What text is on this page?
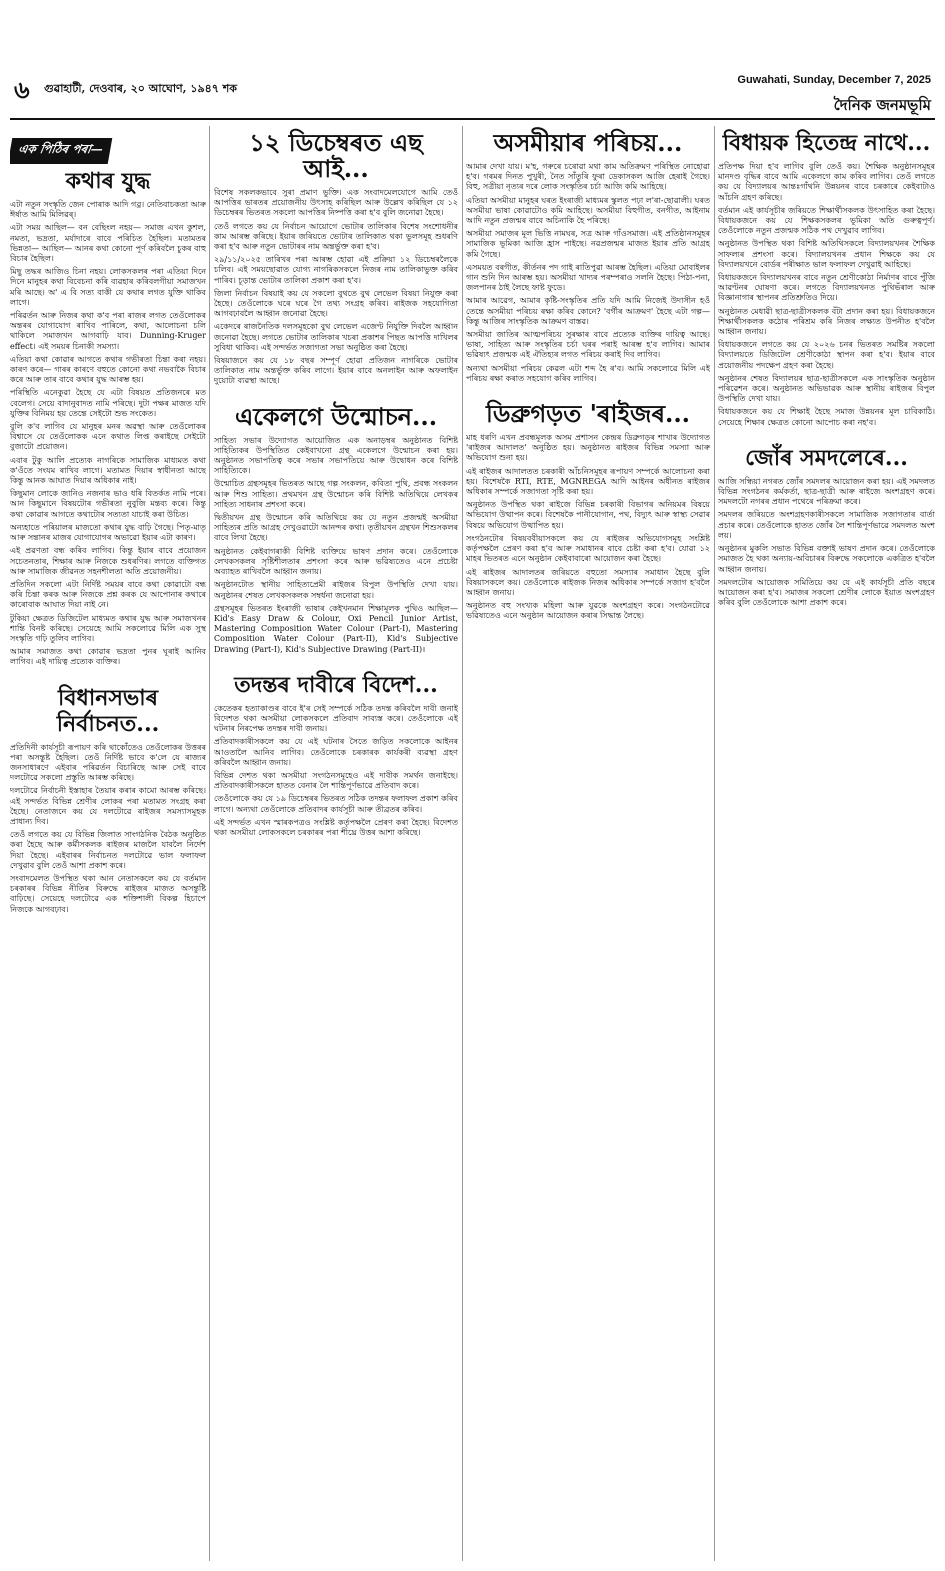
৬ গুৱাহাটী, দেওবাৰ, ২০ আঘোণ, ১৯৪৭ শক
Guwahati, Sunday, December 7, 2025
দৈনিক জনমভূমি
এক পিঠিৰ পৰা—
কথাৰ যুদ্ধ

এটা নতুন সংস্কৃতি জেন পোৰাক আদি গৱ্ৰ। নেতিবাচকতা আৰু ঈৰ্ষাত আমি মিলিৱৰ্।

এটা সময় আছিল— বন বেছিংল নহয়— সমাজ এখন কুশল, নমতা, ভদ্ৰতা, মৰ্যাদাৰে বাবে পৰিচিত হৈছিল। মতামতৰ ভিন্নতা— আছিল— আনৰ কথা কোনো পূৰ্ণ কৰিবলৈ চুকৰ বাহু বিচাৰ হৈছিল।

মিছু তদ্ধৰ আজিও চিনা নহয়। লোকসকলৰ পৰা এতিয়া দিনে দিনে মানুহৰ কথা বিবেচনা কৰি ব্যৱহাৰ কৰিবলগীয়া সমাজখন মৰি আছে। অ' এ বি সত্য বাকী যে কথাৰ লগত যুক্তি থাকিব লাগে।

পৰিৱৰ্তন আৰু নিজৰ কথা ক'ব পৰা ৰাজৰ লগত তেওঁলোকৰ অন্তৰৰ যোগাযোগ ৰাখিব পাৰিলে, কথা, আলোচনা চলি থাকিলে সমাজখন আগবাঢ়ি যাব। Dunning-Kruger effect। এই সময়ৰ চিনাকী সমস্যা।

এতিয়া কথা কোৱাৰ আগতে কথাৰ গভীৰতা চিন্তা কৰা নহয়। কাৰণ কৰে— গাৰৰ কাৰণে বহুতে কোনো কথা নভবাকৈ বিচাৰ কৰে আৰু তাৰ বাবে কথাৰ যুদ্ধ আৰম্ভ হয়।

পৰিস্থিতি এনেকুৱা হৈছে যে এটা বিষয়ত প্ৰতিজনৰে মত বেলেগ। সেয়ে বাদানুবাদত নামি পৰিছে। দুটা পক্ষৰ মাজত যদি যুক্তিৰ বিনিময় হয় তেন্তে সেইটো শুভ সংকেত।

বুলি ক'ব লাগিব যে মানুহৰ মনৰ অৱস্থা আৰু তেওঁলোকৰ বিশ্বাসে যে তেওঁলোকক এনে কথাত লিপ্ত কৰাইছে সেইটো বুজাটো প্ৰয়োজন।

এবাৰ টুকু আলি প্ৰত্যেক নাগৰিকে সামাজিক মাধ্যমত কথা ক'ওঁতে সংযম ৰাখিব লাগে। মতামত দিয়াৰ স্বাধীনতা আছে কিন্তু আনক আঘাত দিয়াৰ অধিকাৰ নাই।

কিছুমান লোকে জানিও নজনাৰ ভাও ধৰি বিতৰ্কত নামি পৰে। আন কিছুমানে বিষয়টোৰ গভীৰতা নুবুজি মন্তব্য কৰে। কিন্তু কথা কোৱাৰ আগতে কথাটোৰ সত্যতা যাচাই কৰা উচিত।

অন্যহাতে পৰিয়ালৰ মাজতো কথাৰ যুদ্ধ বাঢ়ি গৈছে। পিতৃ-মাতৃ আৰু সন্তানৰ মাজৰ যোগাযোগৰ অভাৱো ইয়াৰ এটা কাৰণ।

এই প্ৰৱণতা বন্ধ কৰিব লাগিব। কিন্তু ইয়াৰ বাবে প্ৰয়োজন সচেতনতাৰ, শিক্ষাৰ আৰু নিজকে শুধৰণিৰ। লগতে ব্যক্তিগত আৰু সামাজিক জীৱনত সহনশীলতা অতি প্ৰয়োজনীয়।

প্ৰতিদিন সকলো এটা নিৰ্দিষ্ট সময়ৰ বাবে কথা কোৱাটো বন্ধ কৰি চিন্তা কৰক আৰু নিজকে প্ৰশ্ন কৰক যে আপোনাৰ কথাৰে কাৰোবাক আঘাত দিয়া নাই নে।

টুকিয়া ক্ষেত্ৰত ডিজিটেল মাধ্যমত কথাৰ যুদ্ধ আৰু সমাজখনৰ শান্তি বিনষ্ট কৰিছে। সেয়েহে আমি সকলোৱে মিলি এক সুস্থ সংস্কৃতি গঢ়ি তুলিব লাগিব।

আমাৰ সমাজত কথা কোৱাৰ ভদ্ৰতা পুনৰ ঘূৰাই আনিব লাগিব। এই দায়িত্ব প্ৰত্যেক ব্যক্তিৰ।

বিধানসভাৰ নিৰ্বাচনত...

প্ৰতিদিনী কাৰ্যসূচী ৰূপায়ণ কৰি থাকোঁতেও তেওঁলোকৰ উত্তৰৰ পৰা অসন্তুষ্ট হৈছিল। তেওঁ নিৰ্দিষ্ট ভাবে ক'লে যে ৰাজ্যৰ জনসাধাৰণে এইবাৰ পৰিৱৰ্তন বিচাৰিছে আৰু সেই বাবে দলটোৱে সকলো প্ৰস্তুতি আৰম্ভ কৰিছে।

দলটোৱে নিৰ্বাচনী ইস্তাহাৰ তৈয়াৰ কৰাৰ কামো আৰম্ভ কৰিছে। এই সন্দৰ্ভত বিভিন্ন শ্ৰেণীৰ লোকৰ পৰা মতামত সংগ্ৰহ কৰা হৈছে। নেতাজনে কয় যে দলটোৱে ৰাইজৰ সমস্যাসমূহক প্ৰাধান্য দিব।

তেওঁ লগতে কয় যে বিভিন্ন জিলাত সাংগঠনিক বৈঠক অনুষ্ঠিত কৰা হৈছে আৰু কৰ্মীসকলক ৰাইজৰ মাজলৈ যাবলৈ নিৰ্দেশ দিয়া হৈছে। এইবাৰৰ নিৰ্বাচনত দলটোৱে ভাল ফলাফল দেখুৱাব বুলি তেওঁ আশা প্ৰকাশ কৰে।

সংবাদমেলত উপস্থিত থকা আন নেতাসকলে কয় যে বৰ্তমান চৰকাৰৰ বিভিন্ন নীতিৰ বিৰুদ্ধে ৰাইজৰ মাজত অসন্তুষ্টি বাঢ়িছে। সেয়েহে দলটোৱে এক শক্তিশালী বিকল্প হিচাপে নিজকে আগবঢ়াব।

১২ ডিচেম্বৰত এছ আই...

বিশেষ সকলকভাবে সুৰা প্ৰমাণ ভুক্তি। এক সংবাদমেলযোগে আমি তেওঁ আপত্তিৰ ভাৰতৰ প্ৰয়োজনীয় উৎসাহ কৰিছিল আৰু উল্লেখ কৰিছিল যে ১২ ডিচেম্বৰৰ ভিতৰত সকলো আপত্তিৰ নিষ্পত্তি কৰা হ'ব বুলি জনোৱা হৈছে।

তেওঁ লগতে কয় যে নিৰ্বাচন আয়োগে ভোটাৰ তালিকাৰ বিশেষ সংশোধনীৰ কাম আৰম্ভ কৰিছে। ইয়াৰ জৰিয়তে ভোটাৰ তালিকাত থকা ভুলসমূহ শুধৰণি কৰা হ'ব আৰু নতুন ভোটাৰৰ নাম অন্তৰ্ভুক্ত কৰা হ'ব।

২৯/১১/২০২৫ তাৰিখৰ পৰা আৰম্ভ হোৱা এই প্ৰক্ৰিয়া ১২ ডিচেম্বৰলৈকে চলিব। এই সময়ছোৱাত যোগ্য নাগৰিকসকলে নিজৰ নাম তালিকাভুক্ত কৰিব পাৰিব। চূড়ান্ত ভোটাৰ তালিকা প্ৰকাশ কৰা হ'ব।

জিলা নিৰ্বাচন বিষয়াই কয় যে সকলো বুথতে বুথ লেভেল বিষয়া নিযুক্ত কৰা হৈছে। তেওঁলোকে ঘৰে ঘৰে গৈ তথ্য সংগ্ৰহ কৰিব। ৰাইজক সহযোগিতা আগবঢ়াবলৈ আহ্বান জনোৱা হৈছে।

একেদৰে ৰাজনৈতিক দলসমূহকো বুথ লেভেল এজেণ্ট নিযুক্তি দিবলৈ আহ্বান জনোৱা হৈছে। লগতে ভোটাৰ তালিকাৰ খচৰা প্ৰকাশৰ পিছত আপত্তি দাখিলৰ সুবিধা থাকিব। এই সন্দৰ্ভত সজাগতা সভা অনুষ্ঠিত কৰা হৈছে।

বিষয়াজনে কয় যে ১৮ বছৰ সম্পূৰ্ণ হোৱা প্ৰতিজন নাগৰিকে ভোটাৰ তালিকাত নাম অন্তৰ্ভুক্ত কৰিব লাগে। ইয়াৰ বাবে অনলাইন আৰু অফলাইন দুয়োটা ব্যৱস্থা আছে।

একেলগে উন্মোচন...

সাহিত্য সভাৰ উদ্যোগত আয়োজিত এক অনাড়ম্বৰ অনুষ্ঠানত বিশিষ্ট সাহিত্যিকৰ উপস্থিতিত কেইবাখনো গ্ৰন্থ একেলগে উন্মোচন কৰা হয়। অনুষ্ঠানত সভাপতিত্ব কৰে সভাৰ সভাপতিয়ে আৰু উদ্বোধন কৰে বিশিষ্ট সাহিত্যিকে।

উন্মোচিত গ্ৰন্থসমূহৰ ভিতৰত আছে গল্প সংকলন, কবিতা পুথি, প্ৰবন্ধ সংকলন আৰু শিশু সাহিত্য। প্ৰথমখন গ্ৰন্থ উন্মোচন কৰি বিশিষ্ট অতিথিয়ে লেখকৰ সাহিত্য সাধনাৰ প্ৰশংসা কৰে।

দ্বিতীয়খন গ্ৰন্থ উন্মোচন কৰি অতিথিয়ে কয় যে নতুন প্ৰজন্মই অসমীয়া সাহিত্যৰ প্ৰতি আগ্ৰহ দেখুওৱাটো আনন্দৰ কথা। তৃতীয়খন গ্ৰন্থখন শিশুসকলৰ বাবে লিখা হৈছে।

অনুষ্ঠানত কেইবাগৰাকী বিশিষ্ট ব্যক্তিয়ে ভাষণ প্ৰদান কৰে। তেওঁলোকে লেখকসকলৰ সৃষ্টিশীলতাৰ প্ৰশংসা কৰে আৰু ভৱিষ্যতেও এনে প্ৰচেষ্টা অব্যাহত ৰাখিবলৈ আহ্বান জনায়।

অনুষ্ঠানটোত স্থানীয় সাহিত্যপ্ৰেমী ৰাইজৰ বিপুল উপস্থিতি দেখা যায়। অনুষ্ঠানৰ শেষত লেখকসকলক সম্বৰ্ধনা জনোৱা হয়।

গ্ৰন্থসমূহৰ ভিতৰত ইংৰাজী ভাষাৰ কেইখনমান শিক্ষামূলক পুথিও আছিল— Kid's Easy Draw & Colour, Oxi Pencil Junior Artist, Mastering Composition Water Colour (Part-I), Mastering Composition Water Colour (Part-II), Kid's Subjective Drawing (Part-I), Kid's Subjective Drawing (Part-II)।

তদন্তৰ দাবীৰে বিদেশ...

কেতেকৰ হত্যাকাণ্ডৰ বাবে ই'ৰ সেই সম্পৰ্কে সঠিক তদন্ত কৰিবলৈ দাবী জনাই বিদেশত থকা অসমীয়া লোকসকলে প্ৰতিবাদ সাব্যস্ত কৰে। তেওঁলোকে এই ঘটনাৰ নিৰপেক্ষ তদন্তৰ দাবী জনায়।

প্ৰতিবাদকাৰীসকলে কয় যে এই ঘটনাৰ সৈতে জড়িত সকলোকে আইনৰ আওতালৈ আনিব লাগিব। তেওঁলোকে চৰকাৰক কাৰ্যকৰী ব্যৱস্থা গ্ৰহণ কৰিবলৈ আহ্বান জনায়।

বিভিন্ন দেশত থকা অসমীয়া সংগঠনসমূহেও এই দাবীক সমৰ্থন জনাইছে। প্ৰতিবাদকাৰীসকলে হাতত বেনাৰ লৈ শান্তিপূৰ্ণভাৱে প্ৰতিবাদ কৰে।

তেওঁলোকে কয় যে ১৯ ডিচেম্বৰৰ ভিতৰত সঠিক তদন্তৰ ফলাফল প্ৰকাশ কৰিব লাগে। অন্যথা তেওঁলোকে প্ৰতিবাদৰ কাৰ্যসূচী আৰু তীব্ৰতৰ কৰিব।

এই সন্দৰ্ভত এখন স্মাৰকপত্ৰও সংশ্লিষ্ট কৰ্তৃপক্ষলৈ প্ৰেৰণ কৰা হৈছে। বিদেশত থকা অসমীয়া লোকসকলে চৰকাৰৰ পৰা শীঘ্ৰে উত্তৰ আশা কৰিছে।

অসমীয়াৰ পৰিচয়...

আমাৰ দেখা যায়। ম'হ, গৰুৰে চৰোৱা মথা কাম অতিক্ৰমণ পৰিস্থিত নোহোৱা হ'ব। গৰমৰ দিনত পুখুৰী, নৈত সাঁতুৰি ফুৰা ডেকাসকল আজি হেৰাই গৈছে। বিহু, সত্ৰীয়া নৃত্যৰ দৰে লোক সংস্কৃতিৰ চৰ্চা আজি কমি আহিছে।

এতিয়া অসমীয়া মানুহৰ ঘৰত ইংৰাজী মাধ্যমৰ স্কুলত পঢ়া ল'ৰা-ছোৱালী। ঘৰত অসমীয়া ভাষা কোৱাটোও কমি আহিছে। অসমীয়া বিহুগীত, বনগীত, আইনাম আদি নতুন প্ৰজন্মৰ বাবে অচিনাকি হৈ পৰিছে।

অসমীয়া সমাজৰ মূল ভিত্তি নামঘৰ, সত্ৰ আৰু গাঁওসমাজ। এই প্ৰতিষ্ঠানসমূহৰ সামাজিক ভূমিকা আজি হ্ৰাস পাইছে। নৱপ্ৰজন্মৰ মাজত ইয়াৰ প্ৰতি আগ্ৰহ কমি গৈছে।

এসময়ত বৰগীত, কীৰ্তনৰ পদ গাই ৰাতিপুৱা আৰম্ভ হৈছিল। এতিয়া মোবাইলৰ গান শুনি দিন আৰম্ভ হয়। অসমীয়া খাদ্যৰ পৰম্পৰাও সলনি হৈছে। পিঠা-পনা, জলপানৰ ঠাই লৈছে ফাষ্ট ফুডে।

আমাৰ আৱেগ, আমাৰ কৃষ্টি-সংস্কৃতিৰ প্ৰতি যদি আমি নিজেই উদাসীন হওঁ তেন্তে অসমীয়া পৰিচয় ৰক্ষা কৰিব কোনে? 'বৰ্গীৰ আক্ৰমণ' হৈছে এটা গল্প— কিন্তু আজিৰ সাংস্কৃতিক আক্ৰমণ বাস্তৱ।

অসমীয়া জাতিৰ আত্মপৰিচয় সুৰক্ষাৰ বাবে প্ৰত্যেক ব্যক্তিৰ দায়িত্ব আছে। ভাষা, সাহিত্য আৰু সংস্কৃতিৰ চৰ্চা ঘৰৰ পৰাই আৰম্ভ হ'ব লাগিব। আমাৰ ভৱিষ্যৎ প্ৰজন্মক এই ঐতিহ্যৰ লগত পৰিচয় কৰাই দিব লাগিব।

অন্যথা অসমীয়া পৰিচয় কেৱল এটা শব্দ হৈ ৰ'ব। আমি সকলোৱে মিলি এই পৰিচয় ৰক্ষা কৰাত সহযোগ কৰিব লাগিব।

ডিব্ৰুগড়ত 'ৰাইজৰ...

মাহ ধৰণি এখন প্ৰবন্ধমূলক অসম প্ৰশাসন কেন্দ্ৰৰ ডিব্ৰুগড়ৰ শাখাৰ উদ্যোগত 'ৰাইজৰ আদালত' অনুষ্ঠিত হয়। অনুষ্ঠানত ৰাইজৰ বিভিন্ন সমস্যা আৰু অভিযোগ শুনা হয়।

এই ৰাইজৰ আদালতত চৰকাৰী আঁচনিসমূহৰ ৰূপায়ণ সম্পৰ্কে আলোচনা কৰা হয়। বিশেষকৈ RTI, RTE, MGNREGA আদি আইনৰ অধীনত ৰাইজৰ অধিকাৰ সম্পৰ্কে সজাগতা সৃষ্টি কৰা হয়।

অনুষ্ঠানত উপস্থিত থকা ৰাইজে বিভিন্ন চৰকাৰী বিভাগৰ অনিয়মৰ বিষয়ে অভিযোগ উত্থাপন কৰে। বিশেষকৈ পানীযোগান, পথ, বিদ্যুৎ আৰু স্বাস্থ্য সেৱাৰ বিষয়ে অভিযোগ উত্থাপিত হয়।

সংগঠনটোৰ বিষয়ববীয়াসকলে কয় যে ৰাইজৰ অভিযোগসমূহ সংশ্লিষ্ট কৰ্তৃপক্ষলৈ প্ৰেৰণ কৰা হ'ব আৰু সমাধানৰ বাবে চেষ্টা কৰা হ'ব। যোৱা ১২ মাহৰ ভিতৰত এনে অনুষ্ঠান কেইবাবাৰো আয়োজন কৰা হৈছে।

এই ৰাইজৰ আদালতৰ জৰিয়তে বহুতো সমস্যাৰ সমাধান হৈছে বুলি বিষয়াসকলে কয়। তেওঁলোকে ৰাইজক নিজৰ অধিকাৰ সম্পৰ্কে সজাগ হ'বলৈ আহ্বান জনায়।

অনুষ্ঠানত বহু সংখ্যক মহিলা আৰু যুৱকে অংশগ্ৰহণ কৰে। সংগঠনটোৱে ভৱিষ্যতেও এনে অনুষ্ঠান আয়োজন কৰাৰ সিদ্ধান্ত লৈছে।

বিধায়ক হিতেন্দ্ৰ নাথে...

প্ৰতিপক্ষ দিয়া হ'ব লাগিব বুলি তেওঁ কয়। শৈক্ষিক অনুষ্ঠানসমূহৰ মানদণ্ড বৃদ্ধিৰ বাবে আমি একেলগে কাম কৰিব লাগিব। তেওঁ লগতে কয় যে বিদ্যালয়ৰ আন্তঃগাঁথনি উন্নয়নৰ বাবে চৰকাৰে কেইবাটাও আঁচনি গ্ৰহণ কৰিছে।

বৰ্তমান এই কাৰ্যসূচীৰ জৰিয়তে শিক্ষাৰ্থীসকলক উৎসাহিত কৰা হৈছে। বিধায়কজনে কয় যে শিক্ষকসকলৰ ভূমিকা অতি গুৰুত্বপূৰ্ণ। তেওঁলোকে নতুন প্ৰজন্মক সঠিক পথ দেখুৱাব লাগিব।

অনুষ্ঠানত উপস্থিত থকা বিশিষ্ট অতিথিসকলে বিদ্যালয়খনৰ শৈক্ষিক সাফল্যৰ প্ৰশংসা কৰে। বিদ্যালয়খনৰ প্ৰধান শিক্ষকে কয় যে বিদ্যালয়খনে বোৰ্ডৰ পৰীক্ষাত ভাল ফলাফল দেখুৱাই আহিছে।

বিধায়কজনে বিদ্যালয়খনৰ বাবে নতুন শ্ৰেণীকোঠা নিৰ্মাণৰ বাবে পুঁজি আৱণ্টনৰ ঘোষণা কৰে। লগতে বিদ্যালয়খনত পুথিভঁৰাল আৰু বিজ্ঞানাগাৰ স্থাপনৰ প্ৰতিশ্ৰুতিও দিয়ে।

অনুষ্ঠানত মেধাৱী ছাত্ৰ-ছাত্ৰীসকলক বঁটা প্ৰদান কৰা হয়। বিধায়কজনে শিক্ষাৰ্থীসকলক কঠোৰ পৰিশ্ৰম কৰি নিজৰ লক্ষ্যত উপনীত হ'বলৈ আহ্বান জনায়।

বিধায়কজনে লগতে কয় যে ২০২৬ চনৰ ভিতৰত সমষ্টিৰ সকলো বিদ্যালয়তে ডিজিটেল শ্ৰেণীকোঠা স্থাপন কৰা হ'ব। ইয়াৰ বাবে প্ৰয়োজনীয় পদক্ষেপ গ্ৰহণ কৰা হৈছে।

অনুষ্ঠানৰ শেষত বিদ্যালয়ৰ ছাত্ৰ-ছাত্ৰীসকলে এক সাংস্কৃতিক অনুষ্ঠান পৰিৱেশন কৰে। অনুষ্ঠানত অভিভাৱক আৰু স্থানীয় ৰাইজৰ বিপুল উপস্থিতি দেখা যায়।

বিধায়কজনে কয় যে শিক্ষাই হৈছে সমাজ উন্নয়নৰ মূল চাবিকাঠি। সেয়েহে শিক্ষাৰ ক্ষেত্ৰত কোনো আপোচ কৰা নহ'ব।

জোঁৰ সমদলেৰে...

আজি সন্ধিয়া নগৰত জোঁৰ সমদলৰ আয়োজন কৰা হয়। এই সমদলত বিভিন্ন সংগঠনৰ কৰ্মকৰ্তা, ছাত্ৰ-ছাত্ৰী আৰু ৰাইজে অংশগ্ৰহণ কৰে। সমদলটো নগৰৰ প্ৰধান পথেৰে পৰিক্ৰমা কৰে।

সমদলৰ জৰিয়তে অংশগ্ৰহণকাৰীসকলে সামাজিক সজাগতাৰ বাৰ্তা প্ৰচাৰ কৰে। তেওঁলোকে হাতত জোঁৰ লৈ শান্তিপূৰ্ণভাৱে সমদলত অংশ লয়।

অনুষ্ঠানৰ মুকলি সভাত বিভিন্ন বক্তাই ভাষণ প্ৰদান কৰে। তেওঁলোকে সমাজত হৈ থকা অন্যায়-অবিচাৰৰ বিৰুদ্ধে সকলোকে একত্ৰিত হ'বলৈ আহ্বান জনায়।

সমদলটোৰ আয়োজক সমিতিয়ে কয় যে এই কাৰ্যসূচী প্ৰতি বছৰে আয়োজন কৰা হ'ব। সমাজৰ সকলো শ্ৰেণীৰ লোকে ইয়াত অংশগ্ৰহণ কৰিব বুলি তেওঁলোকে আশা প্ৰকাশ কৰে।
